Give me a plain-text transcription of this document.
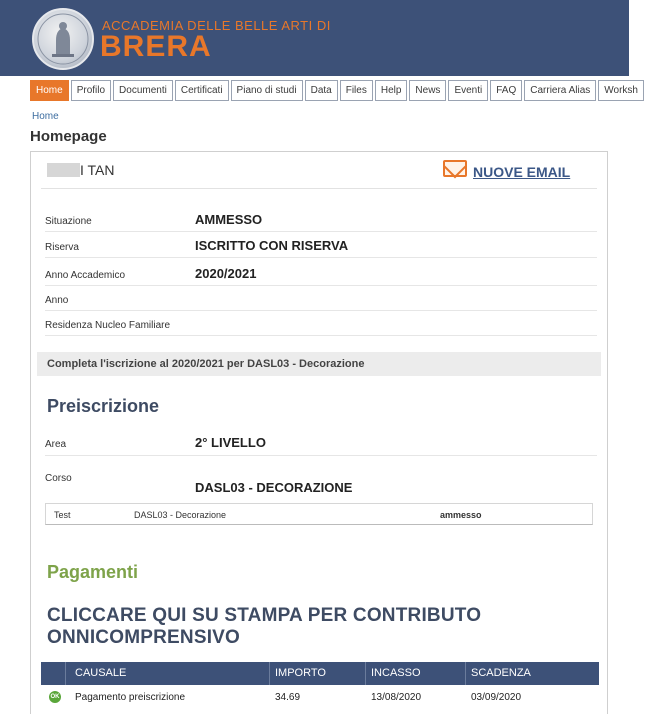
ACCADEMIA DELLE BELLE ARTI DI
BRERA
Home	Profilo	Documenti	Certificati	Piano di studi	Data	Files	Help	News	Eventi	FAQ	Carriera Alias	Worksh
Home
Homepage
I TAN	NUOVE EMAIL
Situazione	AMMESSO
Riserva	ISCRITTO CON RISERVA
Anno Accademico	2020/2021
Anno
Residenza Nucleo Familiare
Completa l'iscrizione al 2020/2021 per DASL03 - Decorazione
Preiscrizione
Area	2° LIVELLO
Corso
DASL03 - DECORAZIONE
Test	DASL03 - Decorazione	ammesso
Pagamenti
CLICCARE QUI SU STAMPA PER CONTRIBUTO ONNICOMPRENSIVO
CAUSALE	IMPORTO	INCASSO	SCADENZA
OK Pagamento preiscrizione	34.69	13/08/2020	03/09/2020
